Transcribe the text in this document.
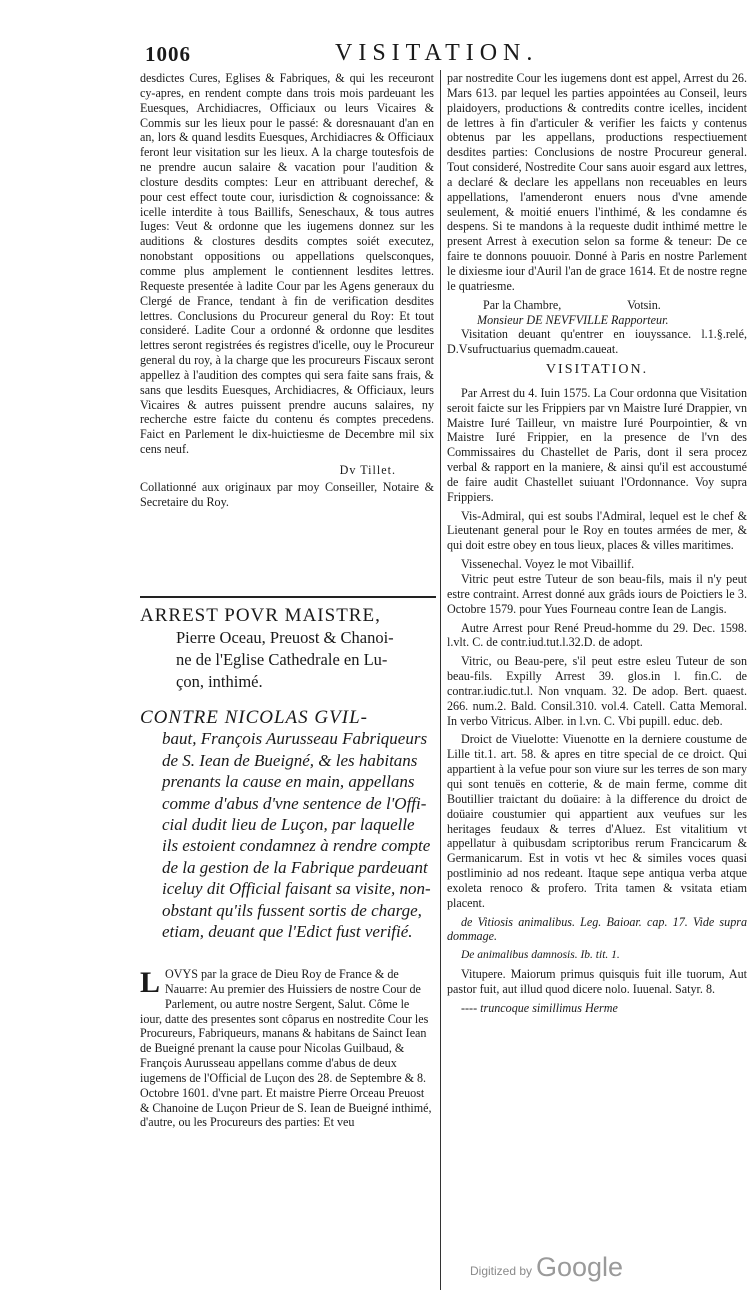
1006	VISITATION.

desdictes Cures, Eglises & Fabriques, & qui les receuront cy-apres, en rendent compte dans trois mois pardeuant les Euesques, Archidiacres, Officiaux ou leurs Vicaires & Commis sur les lieux pour le passé: & doresnauant d'an en an, lors & quand lesdits Euesques, Archidiacres & Officiaux feront leur visitation sur les lieux. A la charge toutesfois de ne prendre aucun salaire & vacation pour l'audition & closture desdits comptes: Leur en attribuant derechef, & pour cest effect toute cour, iurisdiction & cognoissance: & icelle interdite à tous Baillifs, Seneschaux, & tous autres Iuges: Veut & ordonne que les iugemens donnez sur les auditions & clostures desdits comptes soiét executez, nonobstant oppositions ou appellations quelsconques, comme plus amplement le contiennent lesdites lettres. Requeste presentée à ladite Cour par les Agens generaux du Clergé de France, tendant à fin de verification desdites lettres. Conclusions du Procureur general du Roy: Et tout consideré. Ladite Cour a ordonné & ordonne que lesdites lettres seront registrées és registres d'icelle, ouy le Procureur general du roy, à la charge que les procureurs Fiscaux seront appellez à l'audition des comptes qui sera faite sans frais, & sans que lesdits Euesques, Archidiacres, & Officiaux, leurs Vicaires & autres puissent prendre aucuns salaires, ny recherche estre faicte du contenu és comptes precedens. Faict en Parlement le dix-huictiesme de Decembre mil six cens neuf.

Dv Tillet.

Collationné aux originaux par moy Conseiller, Notaire & Secretaire du Roy.

ARREST POVR MAISTRE,
Pierre Oceau, Preuost & Chanoi-
ne de l'Eglise Cathedrale en Lu-
çon, inthimé.
CONTRE NICOLAS GVIL-
baut, François Aurusseau Fabriqueurs
de S. Iean de Bueigné, & les habitans
prenants la cause en main, appellans
comme d'abus d'vne sentence de l'Offi-
cial dudit lieu de Luçon, par laquelle
ils estoient condamnez à rendre compte
de la gestion de la Fabrique pardeuant
iceluy dit Official faisant sa visite, non-
obstant qu'ils fussent sortis de charge,
etiam, deuant que l'Edict fust verifié.
L OVYS par la grace de Dieu Roy de France & de Nauarre: Au premier des Huissiers de nostre Cour de Parlement, ou autre nostre Sergent, Salut. Côme le iour, datte des presentes sont côparus en nostredite Cour les Procureurs, Fabriqueurs, manans & habitans de Sainct Iean de Bueigné prenant la cause pour Nicolas Guilbaud, & François Aurusseau appellans comme d'abus de deux iugemens de l'Official de Luçon des 28. de Septembre & 8. Octobre 1601. d'vne part. Et maistre Pierre Orceau Preuost & Chanoine de Luçon Prieur de S. Iean de Bueigné inthimé, d'autre, ou les Procureurs des parties: Et veu

par nostredite Cour les iugemens dont est appel, Arrest du 26. Mars 613. par lequel les parties appointées au Conseil, leurs plaidoyers, productions & contredits contre icelles, incident de lettres à fin d'articuler & verifier les faicts y contenus obtenus par les appellans, productions respectiuement desdites parties: Conclusions de nostre Procureur general. Tout consideré, Nostredite Cour sans auoir esgard aux lettres, a declaré & declare les appellans non receuables en leurs appellations, l'amenderont enuers nous d'vne amende seulement, & moitié enuers l'inthimé, & les condamne és despens. Si te mandons à la requeste dudit inthimé mettre le present Arrest à execution selon sa forme & teneur: De ce faire te donnons pouuoir. Donné à Paris en nostre Parlement le dixiesme iour d'Auril l'an de grace 1614. Et de nostre regne le quatriesme.

Par la Chambre,	Votsin.

Monsieur DE NEVFVILLE Rapporteur.

Visitation deuant qu'entrer en iouyssance. l.1.§.relé, D.Vsufructuarius quemadm.caueat.

VISITATION.

Par Arrest du 4. Iuin 1575. La Cour ordonna que Visitation seroit faicte sur les Frippiers par vn Maistre Iuré Drappier, vn Maistre Iuré Tailleur, vn maistre Iuré Pourpointier, & vn Maistre Iuré Frippier, en la presence de l'vn des Commissaires du Chastellet de Paris, dont il sera procez verbal & rapport en la maniere, & ainsi qu'il est accoustumé de faire audit Chastellet suiuant l'Ordonnance. Voy supra Frippiers.

Vis-Admiral, qui est soubs l'Admiral, lequel est le chef & Lieutenant general pour le Roy en toutes armées de mer, & qui doit estre obey en tous lieux, places & villes maritimes.

Vissenechal. Voyez le mot Vibaillif.

Vitric peut estre Tuteur de son beau-fils, mais il n'y peut estre contraint. Arrest donné aux grâds iours de Poictiers le 3. Octobre 1579. pour Yues Fourneau contre Iean de Langis.

Autre Arrest pour René Preud-homme du 29. Dec. 1598. l.vlt. C. de contr.iud.tut.l.32.D. de adopt.

Vitric, ou Beau-pere, s'il peut estre esleu Tuteur de son beau-fils. Expilly Arrest 39. glos.in l. fin.C. de contrar.iudic.tut.l. Non vnquam. 32. De adop. Bert. quaest. 266. num.2. Bald. Consil.310. vol.4. Catell. Catta Memoral. In verbo Vitricus. Alber. in l.vn. C. Vbi pupill. educ. deb.

Droict de Viuelotte: Viuenotte en la derniere coustume de Lille tit.1. art. 58. & apres en titre special de ce droict. Qui appartient à la vefue pour son viure sur les terres de son mary qui sont tenuës en cotterie, & de main ferme, comme dit Boutillier traictant du doüaire: à la difference du droict de doüaire coustumier qui appartient aux veufues sur les heritages feudaux & terres d'Aluez. Est vitalitium vt appellatur à quibusdam scriptoribus rerum Francicarum & Germanicarum. Est in votis vt hec & similes voces quasi postliminio ad nos redeant. Itaque sepe antiqua verba atque exoleta renoco & profero. Trita tamen & vsitata etiam placent.

de Vitiosis animalibus. Leg. Baioar. cap. 17. Vide supra dommage.

De animalibus damnosis. Ib. tit. 1.

Vitupere. Maiorum primus quisquis fuit ille tuorum, Aut pastor fuit, aut illud quod dicere nolo. Iuuenal. Satyr. 8.

---- truncoque simillimus Herme

Digitized by Google
